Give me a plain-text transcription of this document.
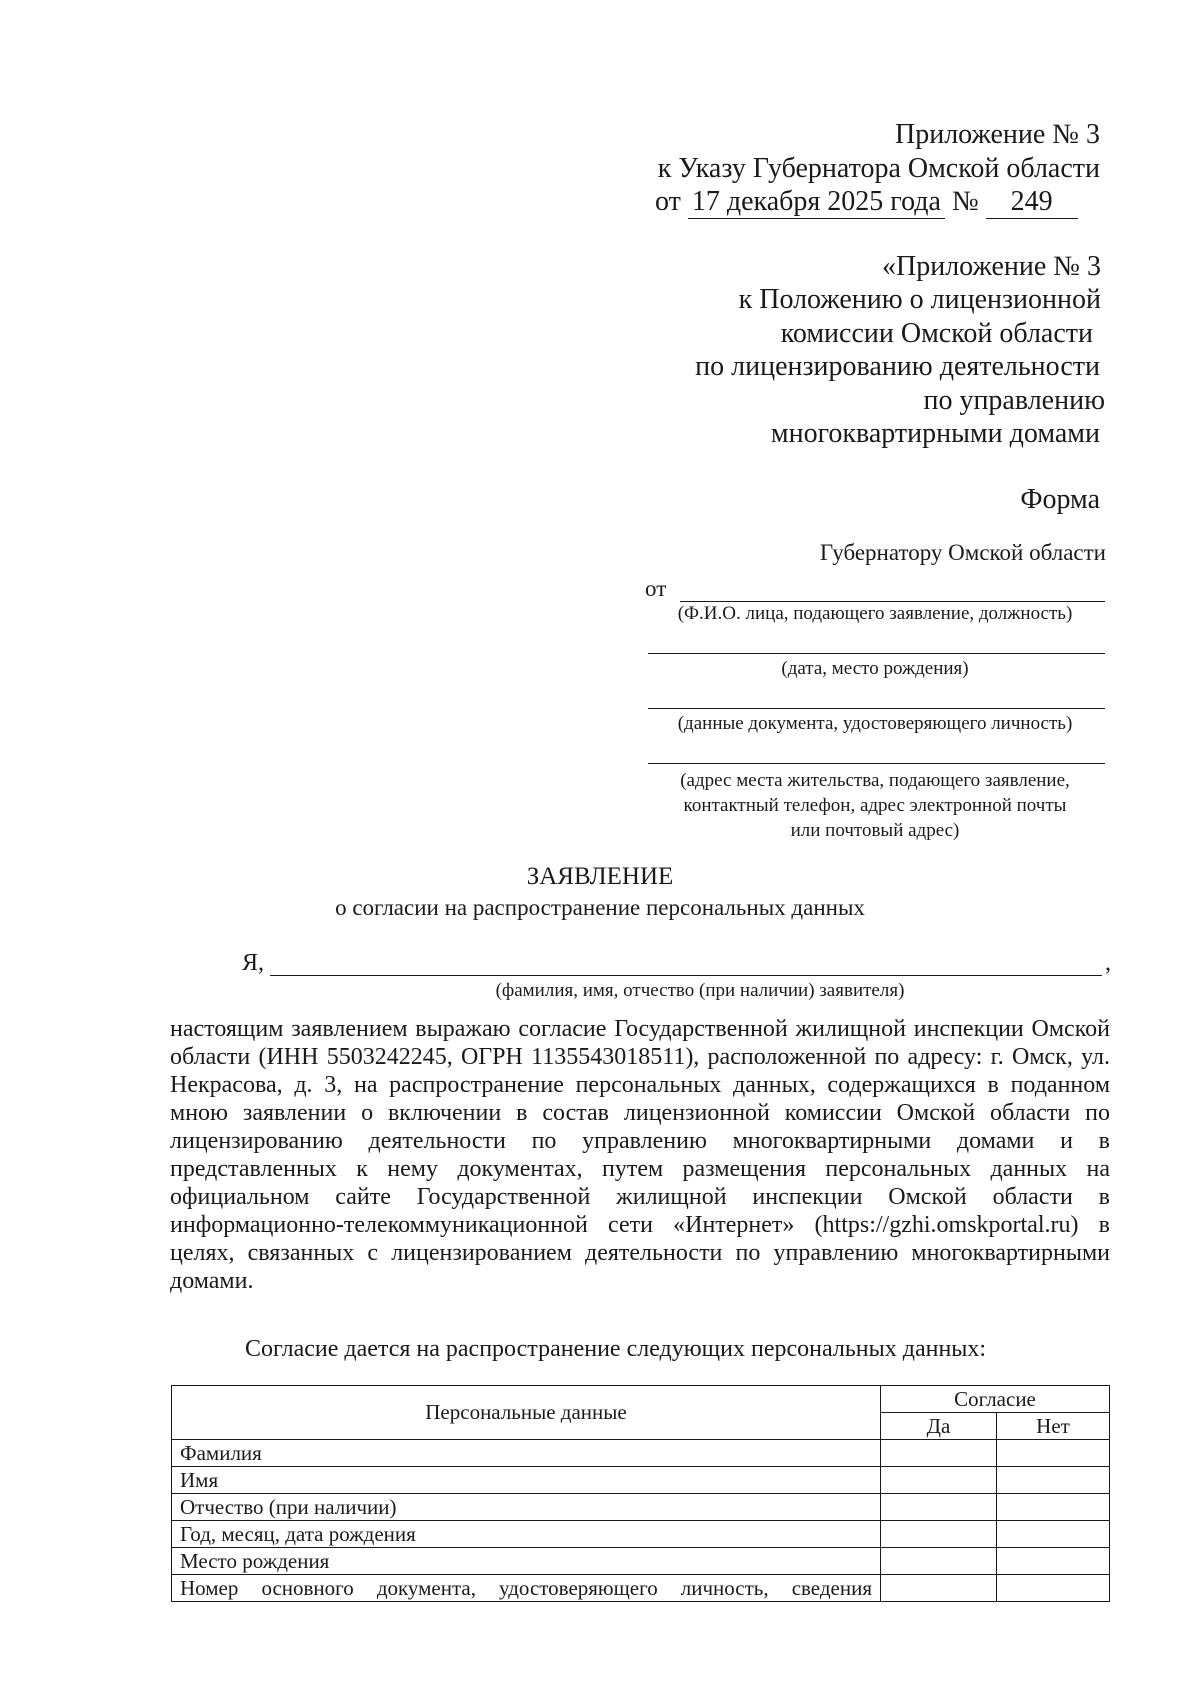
Приложение № 3
к Указу Губернатора Омской области
от 17 декабря 2025 года № 249
«Приложение № 3
к Положению о лицензионной
комиссии Омской области
по лицензированию деятельности
по управлению
многоквартирными домами
Форма
Губернатору Омской области
от
(Ф.И.О. лица, подающего заявление, должность)
(дата, место рождения)
(данные документа, удостоверяющего личность)
(адрес места жительства, подающего заявление,
контактный телефон, адрес электронной почты
или почтовый адрес)
ЗАЯВЛЕНИЕ
о согласии на распространение персональных данных
Я,	,
(фамилия, имя, отчество (при наличии) заявителя)
настоящим заявлением выражаю согласие Государственной жилищной инспекции Омской области (ИНН 5503242245, ОГРН 1135543018511), расположенной по адресу: г. Омск, ул. Некрасова, д. 3, на распространение персональных данных, содержащихся в поданном мною заявлении о включении в состав лицензионной комиссии Омской области по лицензированию деятельности по управлению многоквартирными домами и в представленных к нему документах, путем размещения персональных данных на официальном сайте Государственной жилищной инспекции Омской области в информационно-телекоммуникационной сети «Интернет» (https://gzhi.omskportal.ru) в целях, связанных с лицензированием деятельности по управлению многоквартирными домами.
Согласие дается на распространение следующих персональных данных:
Персональные данные	Согласие	
	Да	Нет
Фамилия		
Имя		
Отчество (при наличии)		
Год, месяц, дата рождения		
Место рождения		
Номер основного документа, удостоверяющего личность, сведения		
